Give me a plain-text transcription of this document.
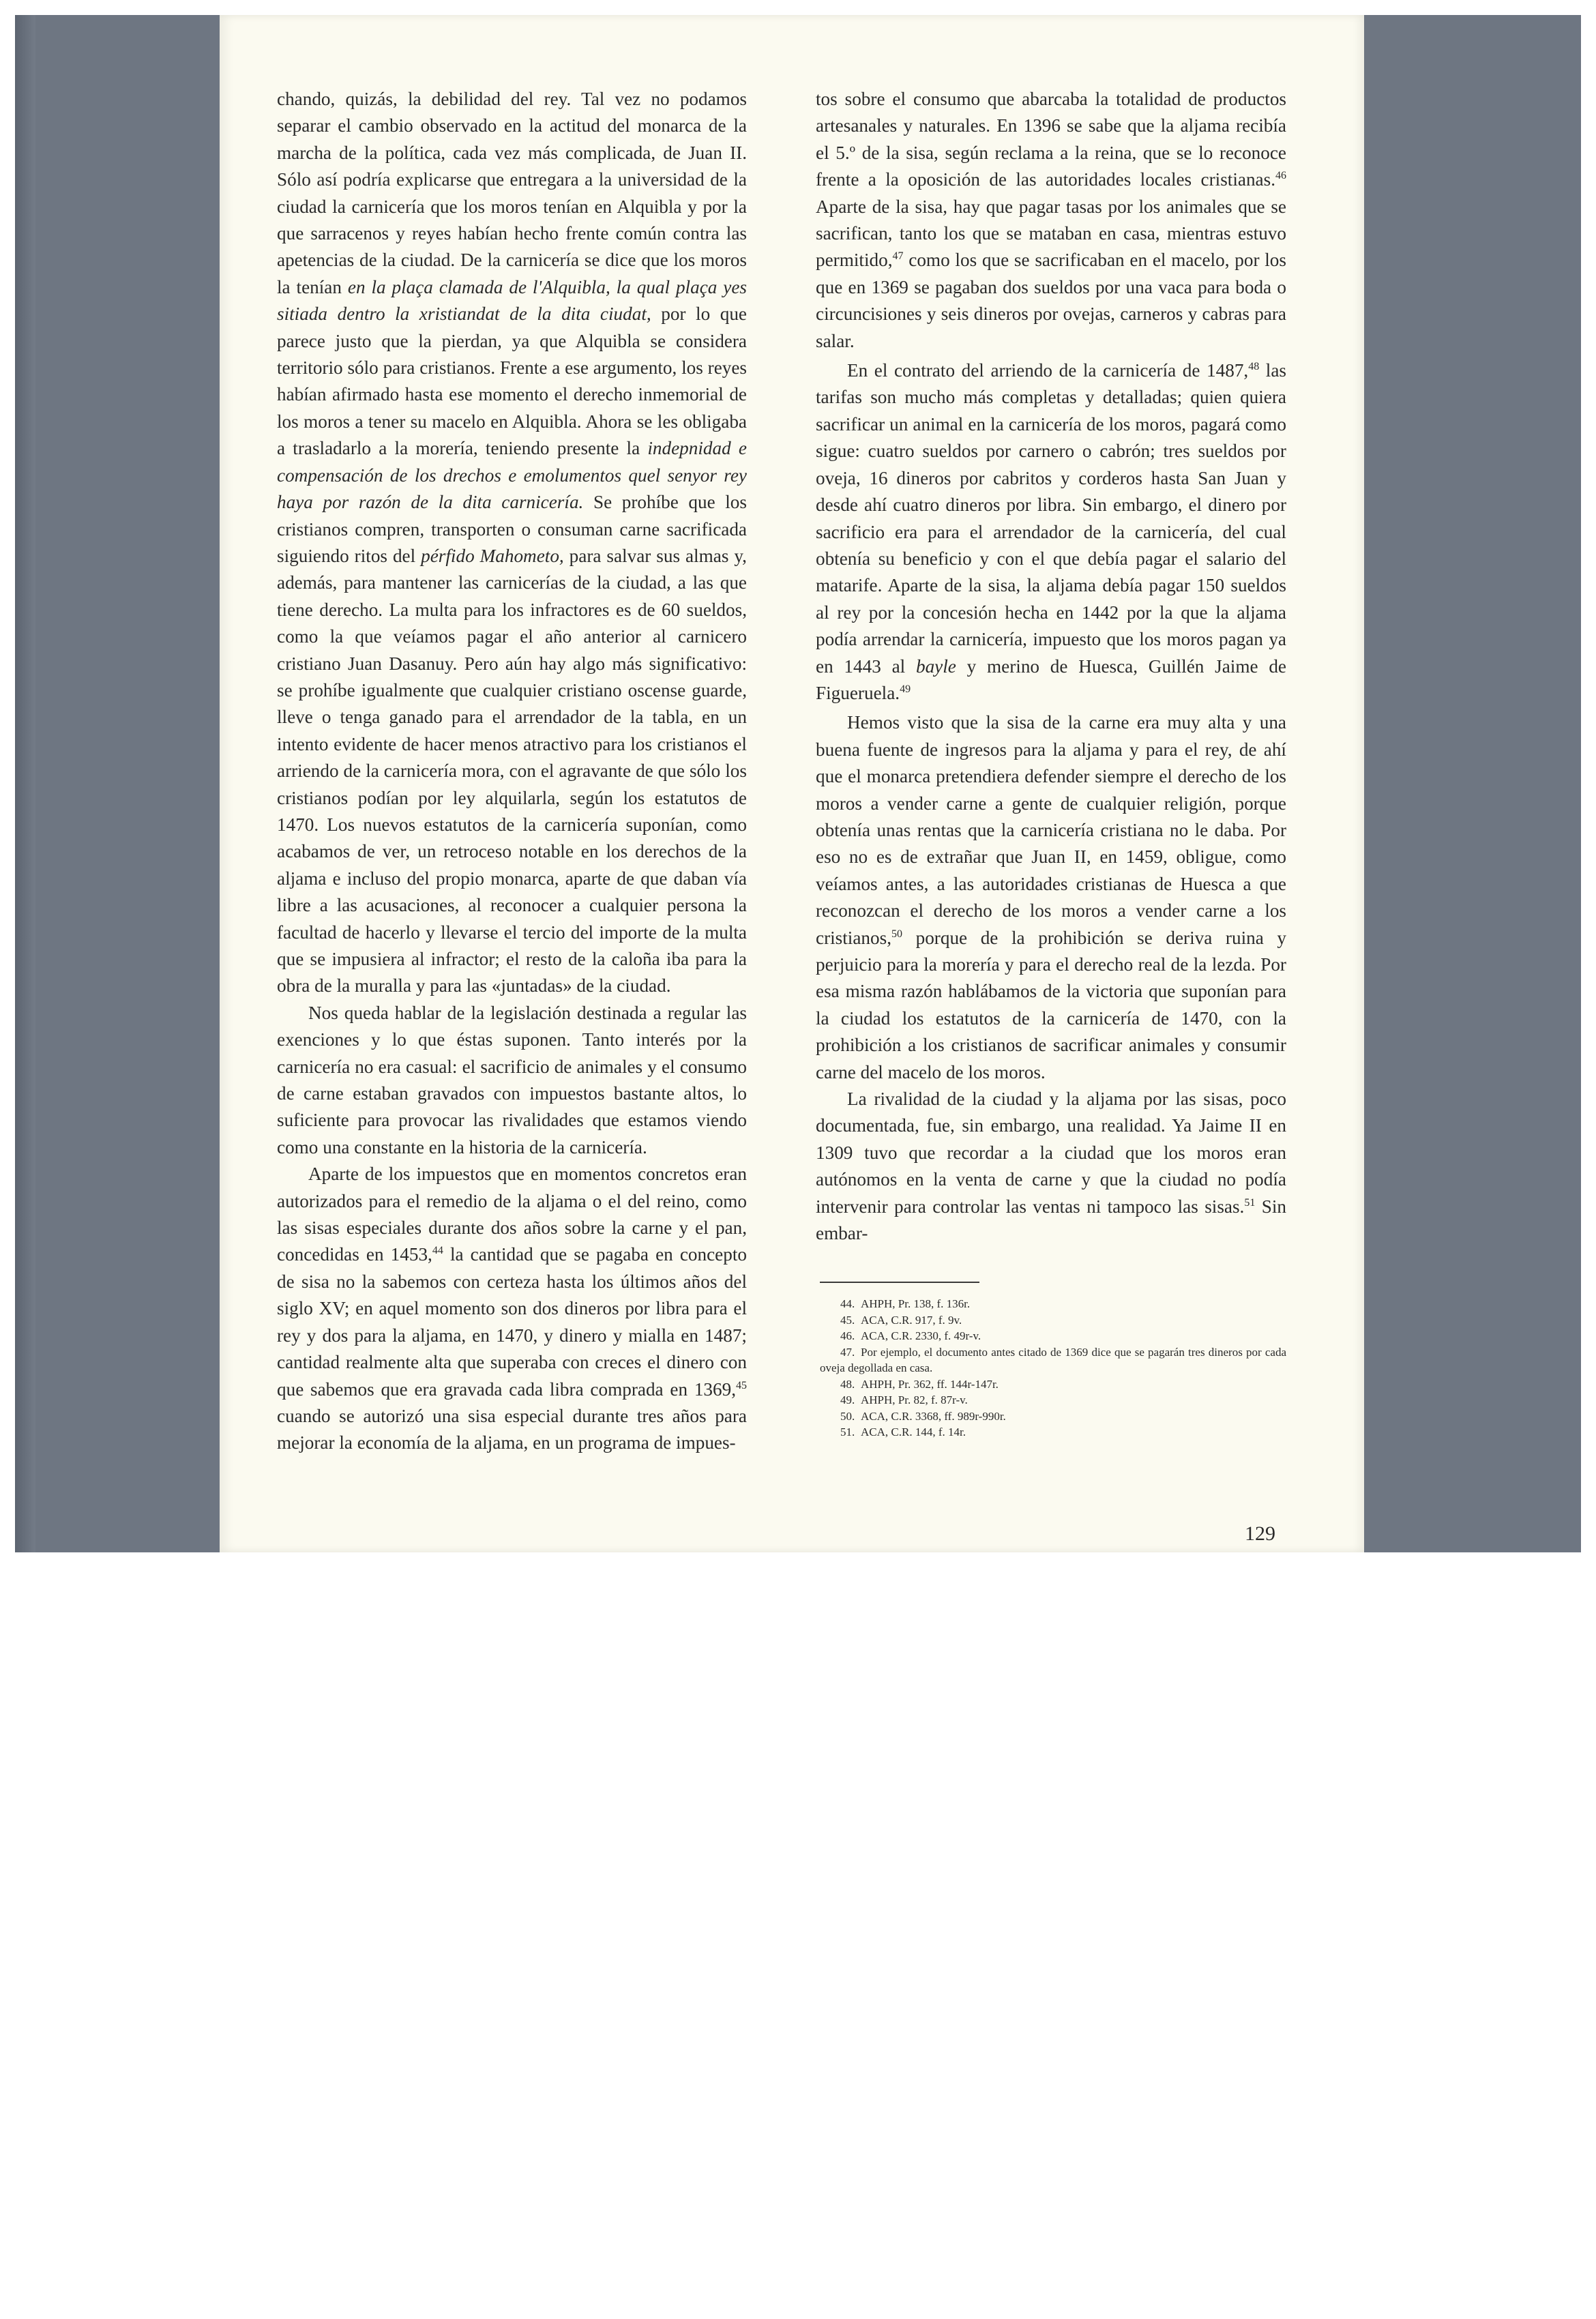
chando, quizás, la debilidad del rey. Tal vez no podamos separar el cambio observado en la actitud del monarca de la marcha de la política, cada vez más complicada, de Juan II. Sólo así podría explicarse que entregara a la universidad de la ciudad la carnicería que los moros tenían en Alquibla y por la que sarracenos y reyes habían hecho frente común contra las apetencias de la ciudad. De la carnicería se dice que los moros la tenían en la plaça clamada de l'Alquibla, la qual plaça yes sitiada dentro la xristiandat de la dita ciudat, por lo que parece justo que la pierdan, ya que Alquibla se considera territorio sólo para cristianos. Frente a ese argumento, los reyes habían afirmado hasta ese momento el derecho inmemorial de los moros a tener su macelo en Alquibla. Ahora se les obligaba a trasladarlo a la morería, teniendo presente la indepnidad e compensación de los drechos e emolumentos quel senyor rey haya por razón de la dita carnicería. Se prohíbe que los cristianos compren, transporten o consuman carne sacrificada siguiendo ritos del pérfido Mahometo, para salvar sus almas y, además, para mantener las carnicerías de la ciudad, a las que tiene derecho. La multa para los infractores es de 60 sueldos, como la que veíamos pagar el año anterior al carnicero cristiano Juan Dasanuy. Pero aún hay algo más significativo: se prohíbe igualmente que cualquier cristiano oscense guarde, lleve o tenga ganado para el arrendador de la tabla, en un intento evidente de hacer menos atractivo para los cristianos el arriendo de la carnicería mora, con el agravante de que sólo los cristianos podían por ley alquilarla, según los estatutos de 1470. Los nuevos estatutos de la carnicería suponían, como acabamos de ver, un retroceso notable en los derechos de la aljama e incluso del propio monarca, aparte de que daban vía libre a las acusaciones, al reconocer a cualquier persona la facultad de hacerlo y llevarse el tercio del importe de la multa que se impusiera al infractor; el resto de la caloña iba para la obra de la muralla y para las «juntadas» de la ciudad.

Nos queda hablar de la legislación destinada a regular las exenciones y lo que éstas suponen. Tanto interés por la carnicería no era casual: el sacrificio de animales y el consumo de carne estaban gravados con impuestos bastante altos, lo suficiente para provocar las rivalidades que estamos viendo como una constante en la historia de la carnicería.

Aparte de los impuestos que en momentos concretos eran autorizados para el remedio de la aljama o el del reino, como las sisas especiales durante dos años sobre la carne y el pan, concedidas en 1453,44 la cantidad que se pagaba en concepto de sisa no la sabemos con certeza hasta los últimos años del siglo XV; en aquel momento son dos dineros por libra para el rey y dos para la aljama, en 1470, y dinero y mialla en 1487; cantidad realmente alta que superaba con creces el dinero con que sabemos que era gravada cada libra comprada en 1369,45 cuando se autorizó una sisa especial durante tres años para mejorar la economía de la aljama, en un programa de impues-

tos sobre el consumo que abarcaba la totalidad de productos artesanales y naturales. En 1396 se sabe que la aljama recibía el 5.º de la sisa, según reclama a la reina, que se lo reconoce frente a la oposición de las autoridades locales cristianas.$^{46}$ Aparte de la sisa, hay que pagar tasas por los animales que se sacrifican, tanto los que se mataban en casa, mientras estuvo permitido,$^{47}$ como los que se sacrificaban en el macelo, por los que en 1369 se pagaban dos sueldos por una vaca para boda o circuncisiones y seis dineros por ovejas, carneros y cabras para salar.

En el contrato del arriendo de la carnicería de 1487,48 las tarifas son mucho más completas y detalladas; quien quiera sacrificar un animal en la carnicería de los moros, pagará como sigue: cuatro sueldos por carnero o cabrón; tres sueldos por oveja, 16 dineros por cabritos y corderos hasta San Juan y desde ahí cuatro dineros por libra. Sin embargo, el dinero por sacrificio era para el arrendador de la carnicería, del cual obtenía su beneficio y con el que debía pagar el salario del matarife. Aparte de la sisa, la aljama debía pagar 150 sueldos al rey por la concesión hecha en 1442 por la que la aljama podía arrendar la carnicería, impuesto que los moros pagan ya en 1443 al bayle y merino de Huesca, Guillén Jaime de Figueruela.$^{49}$

Hemos visto que la sisa de la carne era muy alta y una buena fuente de ingresos para la aljama y para el rey, de ahí que el monarca pretendiera defender siempre el derecho de los moros a vender carne a gente de cualquier religión, porque obtenía unas rentas que la carnicería cristiana no le daba. Por eso no es de extrañar que Juan II, en 1459, obligue, como veíamos antes, a las autoridades cristianas de Huesca a que reconozcan el derecho de los moros a vender carne a los cristianos,$^{50}$ porque de la prohibición se deriva ruina y perjuicio para la morería y para el derecho real de la lezda. Por esa misma razón hablábamos de la victoria que suponían para la ciudad los estatutos de la carnicería de 1470, con la prohibición a los cristianos de sacrificar animales y consumir carne del macelo de los moros.

La rivalidad de la ciudad y la aljama por las sisas, poco documentada, fue, sin embargo, una realidad. Ya Jaime II en 1309 tuvo que recordar a la ciudad que los moros eran autónomos en la venta de carne y que la ciudad no podía intervenir para controlar las ventas ni tampoco las sisas.$^{51}$ Sin embar-

44. AHPH, Pr. 138, f. 136r.

45. ACA, C.R. 917, f. 9v.

46. ACA, C.R. 2330, f. 49r-v.

47. Por ejemplo, el documento antes citado de 1369 dice que se pagarán tres dineros por cada oveja degollada en casa.

48. AHPH, Pr. 362, ff. 144r-147r.

49. AHPH, Pr. 82, f. 87r-v.

50. ACA, C.R. 3368, ff. 989r-990r.

51. ACA, C.R. 144, f. 14r.

129
